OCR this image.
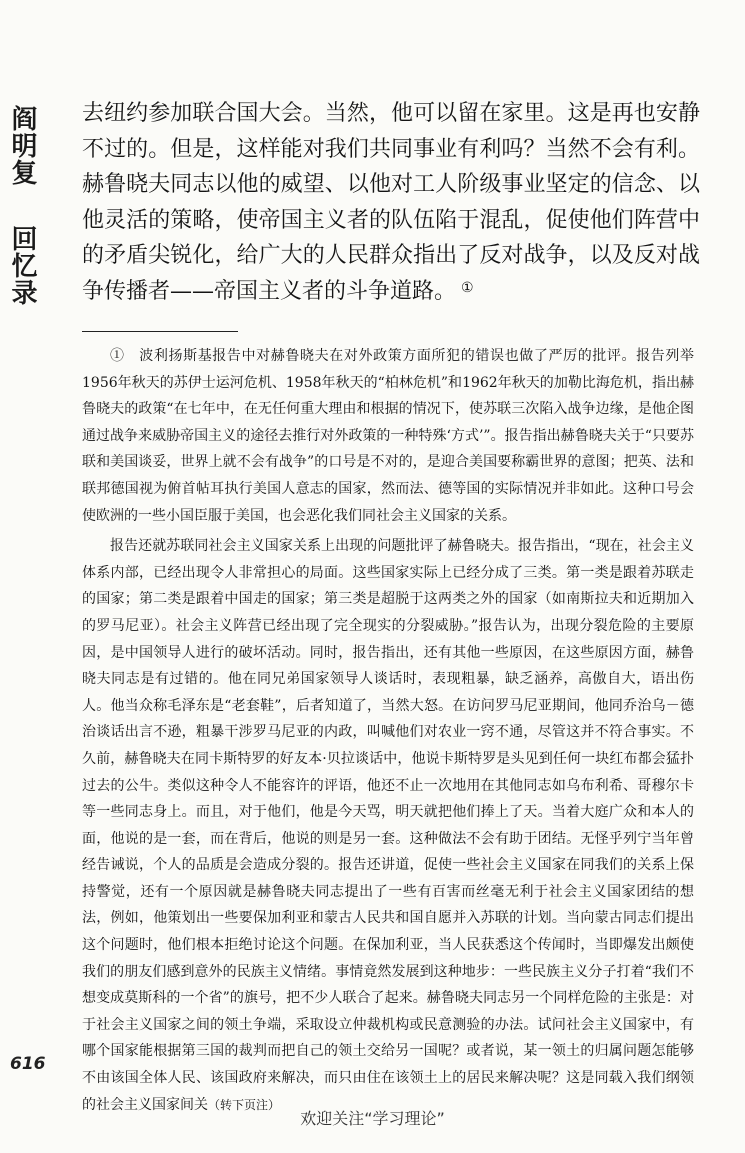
阎明复
回忆录
去纽约参加联合国大会。当然，他可以留在家里。这是再也安静不过的。但是，这样能对我们共同事业有利吗？当然不会有利。赫鲁晓夫同志以他的威望、以他对工人阶级事业坚定的信念、以他灵活的策略，使帝国主义者的队伍陷于混乱，促使他们阵营中的矛盾尖锐化，给广大的人民群众指出了反对战争，以及反对战争传播者——帝国主义者的斗争道路。 ①

①　波利扬斯基报告中对赫鲁晓夫在对外政策方面所犯的错误也做了严厉的批评。报告列举1956年秋天的苏伊士运河危机、1958年秋天的“柏林危机”和1962年秋天的加勒比海危机，指出赫鲁晓夫的政策“在七年中，在无任何重大理由和根据的情况下，使苏联三次陷入战争边缘，是他企图通过战争来威胁帝国主义的途径去推行对外政策的一种特殊‘方式’”。报告指出赫鲁晓夫关于“只要苏联和美国谈妥，世界上就不会有战争”的口号是不对的，是迎合美国要称霸世界的意图；把英、法和联邦德国视为俯首帖耳执行美国人意志的国家，然而法、德等国的实际情况并非如此。这种口号会使欧洲的一些小国臣服于美国，也会恶化我们同社会主义国家的关系。

报告还就苏联同社会主义国家关系上出现的问题批评了赫鲁晓夫。报告指出，“现在，社会主义体系内部，已经出现令人非常担心的局面。这些国家实际上已经分成了三类。第一类是跟着苏联走的国家；第二类是跟着中国走的国家；第三类是超脱于这两类之外的国家（如南斯拉夫和近期加入的罗马尼亚）。社会主义阵营已经出现了完全现实的分裂威胁。”报告认为，出现分裂危险的主要原因，是中国领导人进行的破坏活动。同时，报告指出，还有其他一些原因，在这些原因方面，赫鲁晓夫同志是有过错的。他在同兄弟国家领导人谈话时，表现粗暴，缺乏涵养，高傲自大，语出伤人。他当众称毛泽东是“老套鞋”，后者知道了，当然大怒。在访问罗马尼亚期间，他同乔治乌－德治谈话出言不逊，粗暴干涉罗马尼亚的内政，叫喊他们对农业一窍不通，尽管这并不符合事实。不久前，赫鲁晓夫在同卡斯特罗的好友本·贝拉谈话中，他说卡斯特罗是头见到任何一块红布都会猛扑过去的公牛。类似这种令人不能容许的评语，他还不止一次地用在其他同志如乌布利希、哥穆尔卡等一些同志身上。而且，对于他们，他是今天骂，明天就把他们捧上了天。当着大庭广众和本人的面，他说的是一套，而在背后，他说的则是另一套。这种做法不会有助于团结。无怪乎列宁当年曾经告诫说，个人的品质是会造成分裂的。报告还讲道，促使一些社会主义国家在同我们的关系上保持警觉，还有一个原因就是赫鲁晓夫同志提出了一些有百害而丝毫无利于社会主义国家团结的想法，例如，他策划出一些要保加利亚和蒙古人民共和国自愿并入苏联的计划。当向蒙古同志们提出这个问题时，他们根本拒绝讨论这个问题。在保加利亚，当人民获悉这个传闻时，当即爆发出颇使我们的朋友们感到意外的民族主义情绪。事情竟然发展到这种地步：一些民族主义分子打着“我们不想变成莫斯科的一个省”的旗号，把不少人联合了起来。赫鲁晓夫同志另一个同样危险的主张是：对于社会主义国家之间的领土争端，采取设立仲裁机构或民意测验的办法。试问社会主义国家中，有哪个国家能根据第三国的裁判而把自己的领土交给另一国呢？或者说，某一领土的归属问题怎能够不由该国全体人民、该国政府来解决，而只由住在该领土上的居民来解决呢？这是同载入我们纲领的社会主义国家间关（转下页注）

616
欢迎关注“学习理论”
